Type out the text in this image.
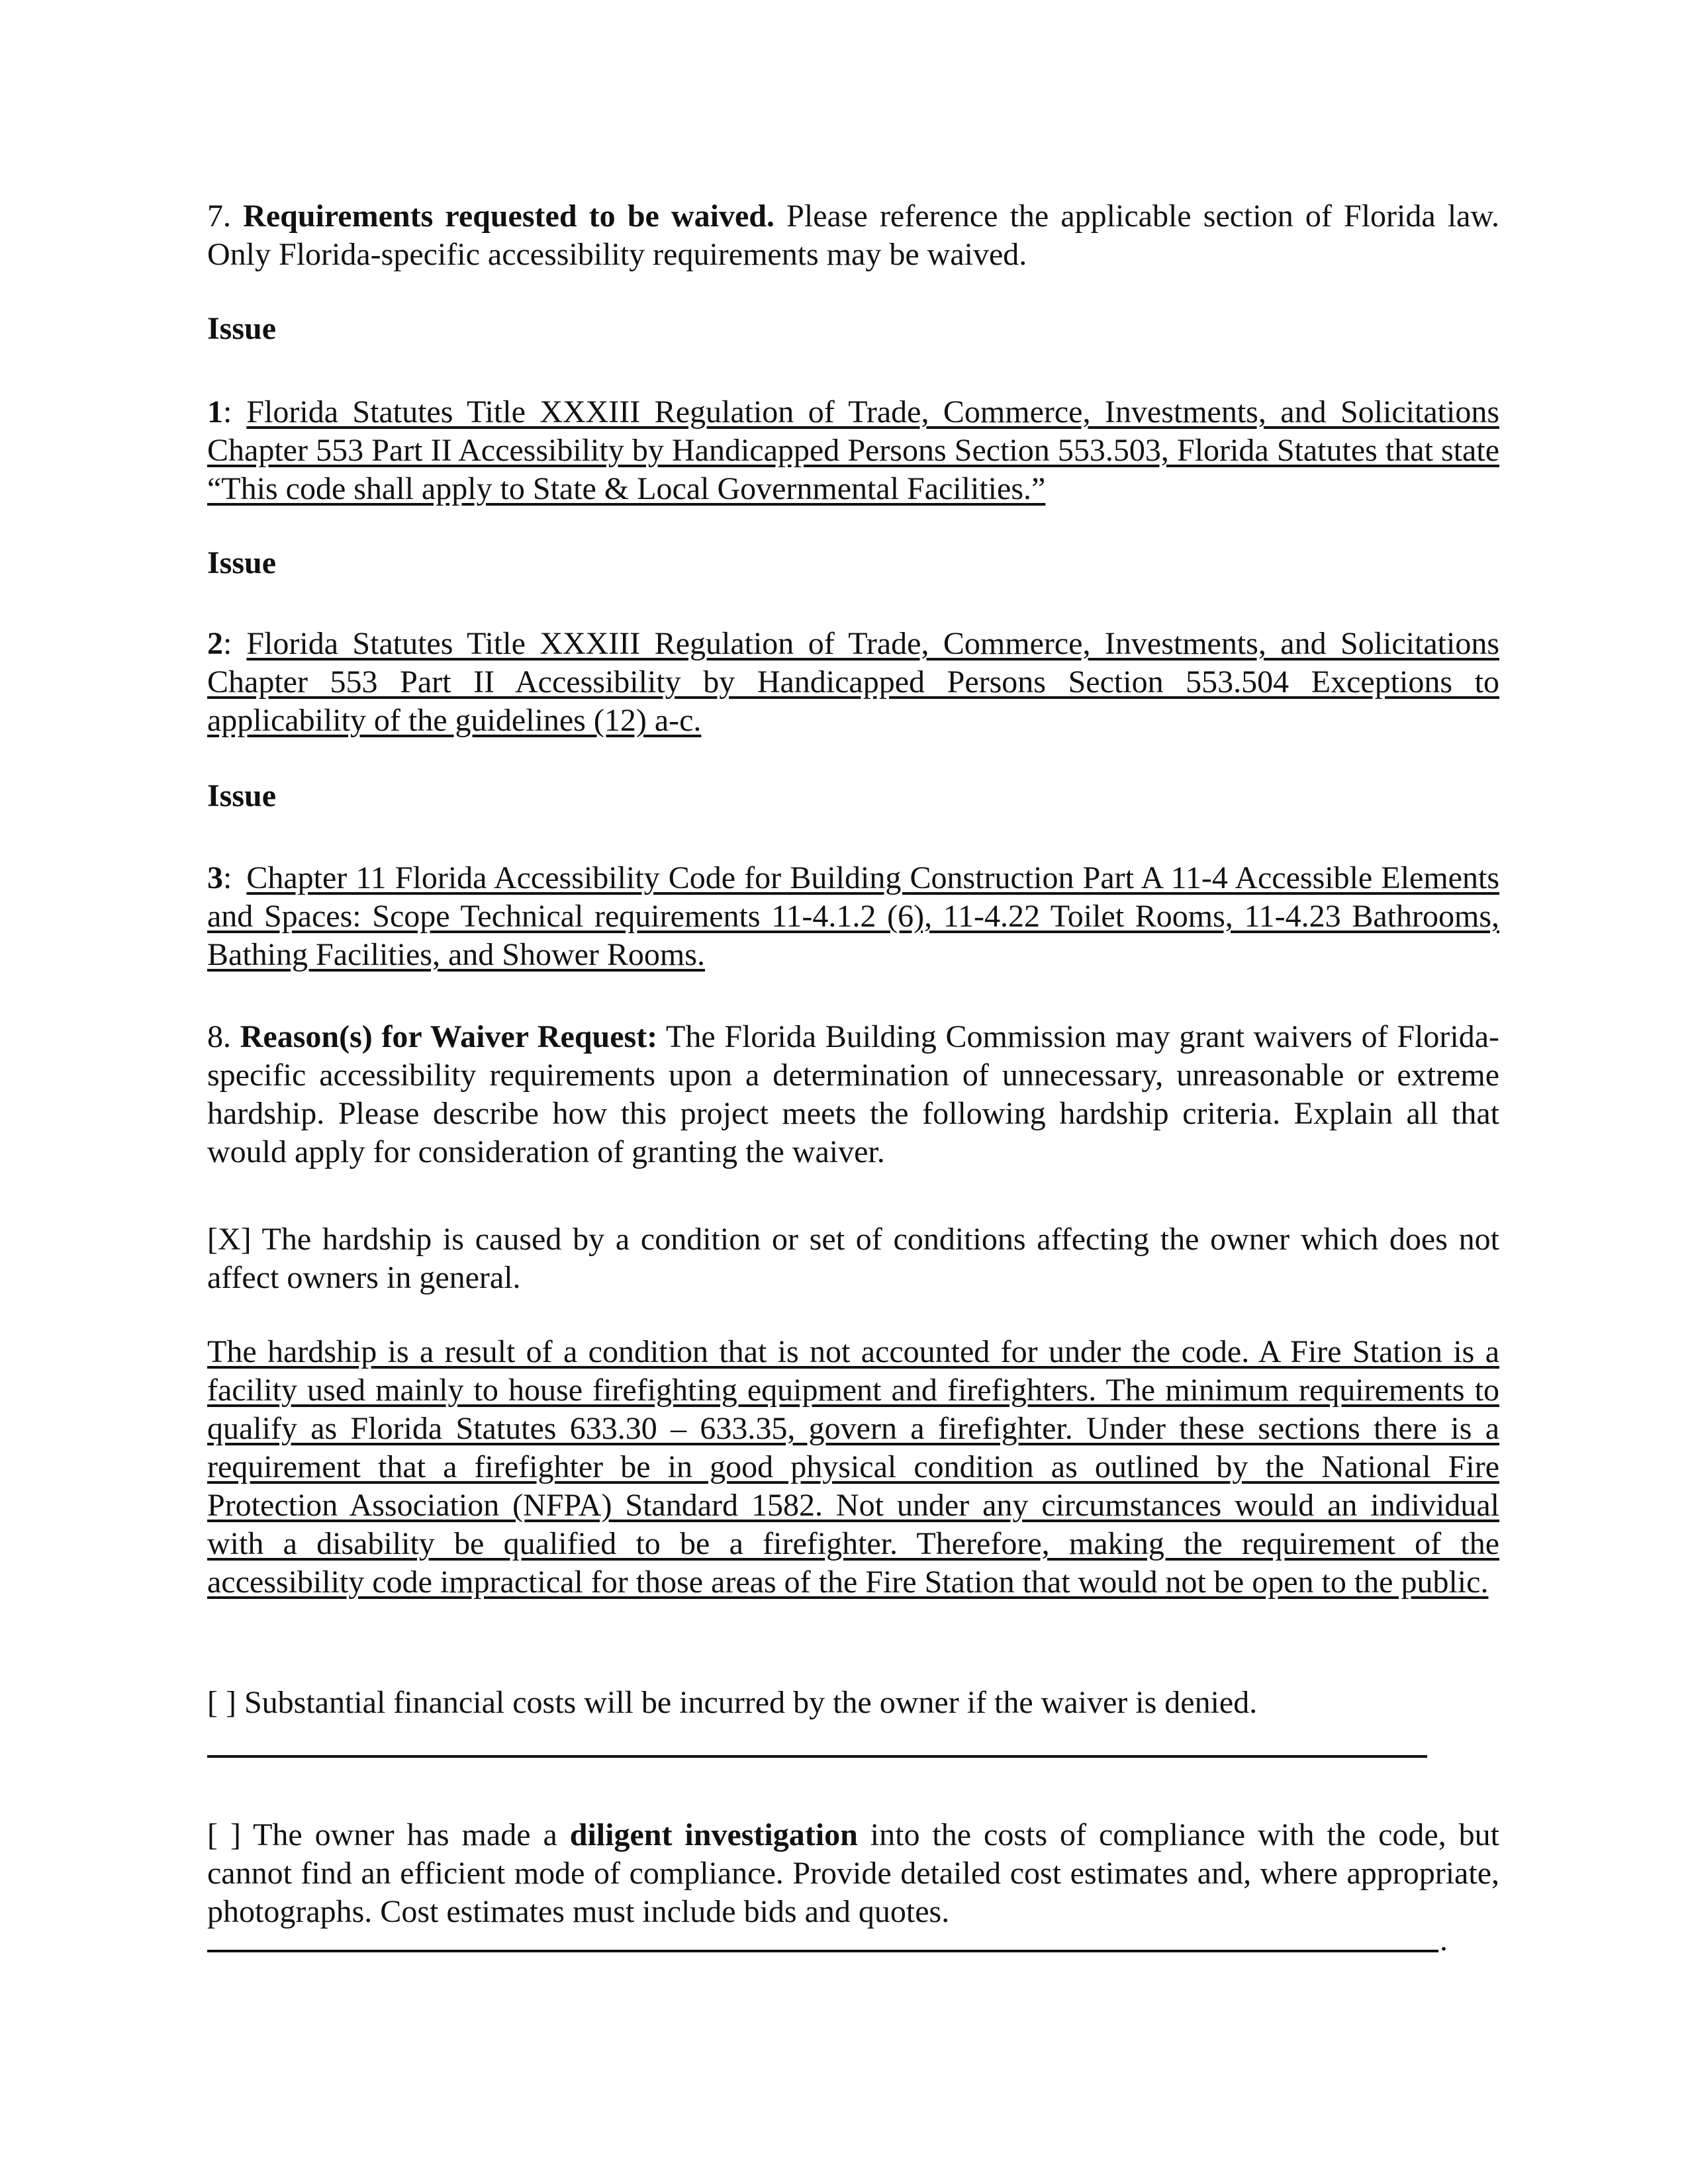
7. Requirements requested to be waived. Please reference the applicable section of Florida law. Only Florida-specific accessibility requirements may be waived.

Issue

1: Florida Statutes Title XXXIII Regulation of Trade, Commerce, Investments, and Solicitations Chapter 553 Part II Accessibility by Handicapped Persons Section 553.503, Florida Statutes that state “This code shall apply to State & Local Governmental Facilities.”

Issue

2: Florida Statutes Title XXXIII Regulation of Trade, Commerce, Investments, and Solicitations Chapter 553 Part II Accessibility by Handicapped Persons Section 553.504 Exceptions to applicability of the guidelines (12) a-c.

Issue

3: Chapter 11 Florida Accessibility Code for Building Construction Part A 11-4 Accessible Elements and Spaces: Scope Technical requirements 11-4.1.2 (6), 11-4.22 Toilet Rooms, 11-4.23 Bathrooms, Bathing Facilities, and Shower Rooms.

8. Reason(s) for Waiver Request: The Florida Building Commission may grant waivers of Florida-specific accessibility requirements upon a determination of unnecessary, unreasonable or extreme hardship. Please describe how this project meets the following hardship criteria. Explain all that would apply for consideration of granting the waiver.

[X] The hardship is caused by a condition or set of conditions affecting the owner which does not affect owners in general.

The hardship is a result of a condition that is not accounted for under the code. A Fire Station is a facility used mainly to house firefighting equipment and firefighters. The minimum requirements to qualify as Florida Statutes 633.30 – 633.35, govern a firefighter. Under these sections there is a requirement that a firefighter be in good physical condition as outlined by the National Fire Protection Association (NFPA) Standard 1582. Not under any circumstances would an individual with a disability be qualified to be a firefighter. Therefore, making the requirement of the accessibility code impractical for those areas of the Fire Station that would not be open to the public.

[ ] Substantial financial costs will be incurred by the owner if the waiver is denied.

[ ] The owner has made a diligent investigation into the costs of compliance with the code, but cannot find an efficient mode of compliance. Provide detailed cost estimates and, where appropriate, photographs. Cost estimates must include bids and quotes.

.
